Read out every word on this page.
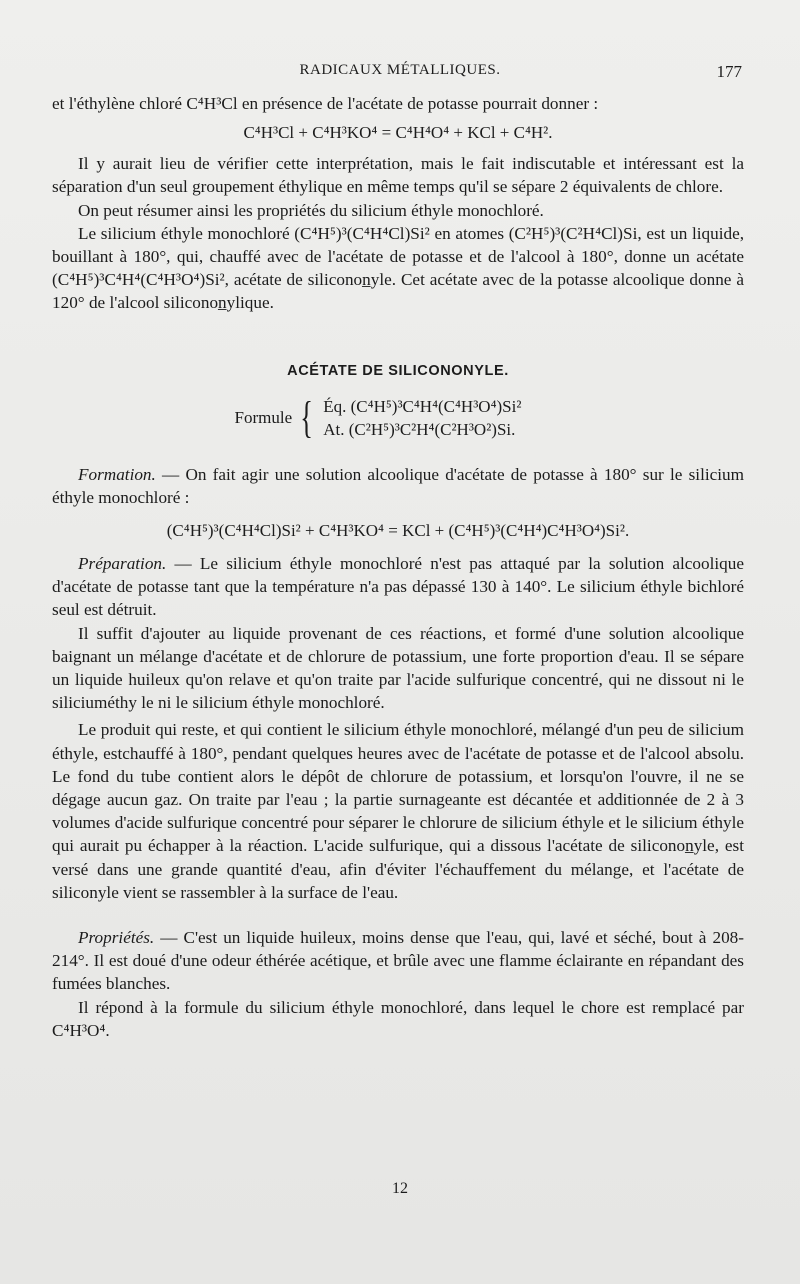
RADICAUX MÉTALLIQUES.	177

et l'éthylène chloré C⁴H³Cl en présence de l'acétate de potasse pourrait donner :

C⁴H³Cl + C⁴H³KO⁴ = C⁴H⁴O⁴ + KCl + C⁴H².

Il y aurait lieu de vérifier cette interprétation, mais le fait indiscutable et intéressant est la séparation d'un seul groupement éthylique en même temps qu'il se sépare 2 équivalents de chlore.

On peut résumer ainsi les propriétés du silicium éthyle monochloré.

Le silicium éthyle monochloré (C⁴H⁵)³(C⁴H⁴Cl)Si² en atomes (C²H⁵)³(C²H⁴Cl)Si, est un liquide, bouillant à 180°, qui, chauffé avec de l'acétate de potasse et de l'alcool à 180°, donne un acétate (C⁴H⁵)³C⁴H⁴(C⁴H³O⁴)Si², acétate de siliconon̲yle. Cet acétate avec de la potasse alcoolique donne à 120° de l'alcool siliconon̲ylique.

ACÉTATE DE SILICONONYLE.
Formule { Éq. (C⁴H⁵)³C⁴H⁴(C⁴H³O⁴)Si²
At. (C²H⁵)³C²H⁴(C²H³O²)Si.

Formation. — On fait agir une solution alcoolique d'acétate de potasse à 180° sur le silicium éthyle monochloré :

(C⁴H⁵)³(C⁴H⁴Cl)Si² + C⁴H³KO⁴ = KCl + (C⁴H⁵)³(C⁴H⁴)C⁴H³O⁴)Si².

Préparation. — Le silicium éthyle monochloré n'est pas attaqué par la solution alcoolique d'acétate de potasse tant que la température n'a pas dépassé 130 à 140°. Le silicium éthyle bichloré seul est détruit.

Il suffit d'ajouter au liquide provenant de ces réactions, et formé d'une solution alcoolique baignant un mélange d'acétate et de chlorure de potassium, une forte proportion d'eau. Il se sépare un liquide huileux qu'on relave et qu'on traite par l'acide sulfurique concentré, qui ne dissout ni le siliciuméthy le ni le silicium éthyle monochloré.

Le produit qui reste, et qui contient le silicium éthyle monochloré, mélangé d'un peu de silicium éthyle, estchauffé à 180°, pendant quelques heures avec de l'acétate de potasse et de l'alcool absolu. Le fond du tube contient alors le dépôt de chlorure de potassium, et lorsqu'on l'ouvre, il ne se dégage aucun gaz. On traite par l'eau ; la partie surnageante est décantée et additionnée de 2 à 3 volumes d'acide sulfurique concentré pour séparer le chlorure de silicium éthyle et le silicium éthyle qui aurait pu échapper à la réaction. L'acide sulfurique, qui a dissous l'acétate de siliconon̲yle, est versé dans une grande quantité d'eau, afin d'éviter l'échauffement du mélange, et l'acétate de siliconyle vient se rassembler à la surface de l'eau.

Propriétés. — C'est un liquide huileux, moins dense que l'eau, qui, lavé et séché, bout à 208-214°. Il est doué d'une odeur éthérée acétique, et brûle avec une flamme éclairante en répandant des fumées blanches.

Il répond à la formule du silicium éthyle monochloré, dans lequel le chore est remplacé par C⁴H³O⁴.

12
